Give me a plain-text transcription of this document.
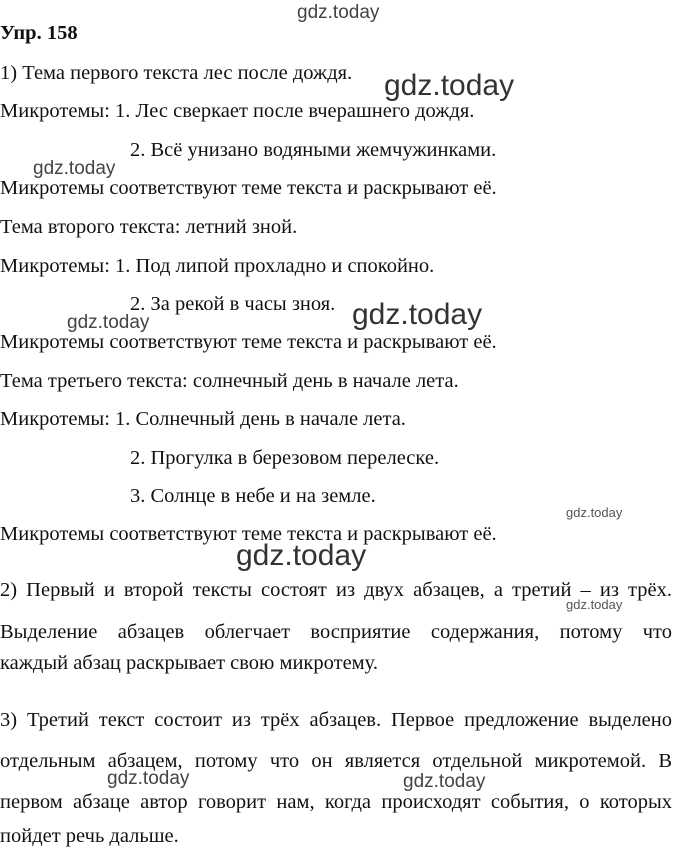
gdz.today
Упр. 158
1) Тема первого текста лес после дождя. gdz.today
Микротемы: 1. Лес сверкает после вчерашнего дождя.
2. Всё унизано водяными жемчужинками.
gdz.today
Микротемы соответствуют теме текста и раскрывают её.
Тема второго текста: летний зной.
Микротемы: 1. Под липой прохладно и спокойно.
2. За рекой в часы зноя. gdz.today
gdz.today
Микротемы соответствуют теме текста и раскрывают её.
Тема третьего текста: солнечный день в начале лета.
Микротемы: 1. Солнечный день в начале лета.
2. Прогулка в березовом перелеске.
3. Солнце в небе и на земле.
gdz.today
Микротемы соответствуют теме текста и раскрывают её.
gdz.today
2) Первый и второй тексты состоят из двух абзацев, а третий – из трёх.
gdz.today
Выделение абзацев облегчает восприятие содержания, потому что
каждый абзац раскрывает свою микротему.
3) Третий текст состоит из трёх абзацев. Первое предложение выделено
отдельным абзацем, потому что он является отдельной микротемой. В
gdz.today	gdz.today
первом абзаце автор говорит нам, когда происходят события, о которых
пойдет речь дальше.
